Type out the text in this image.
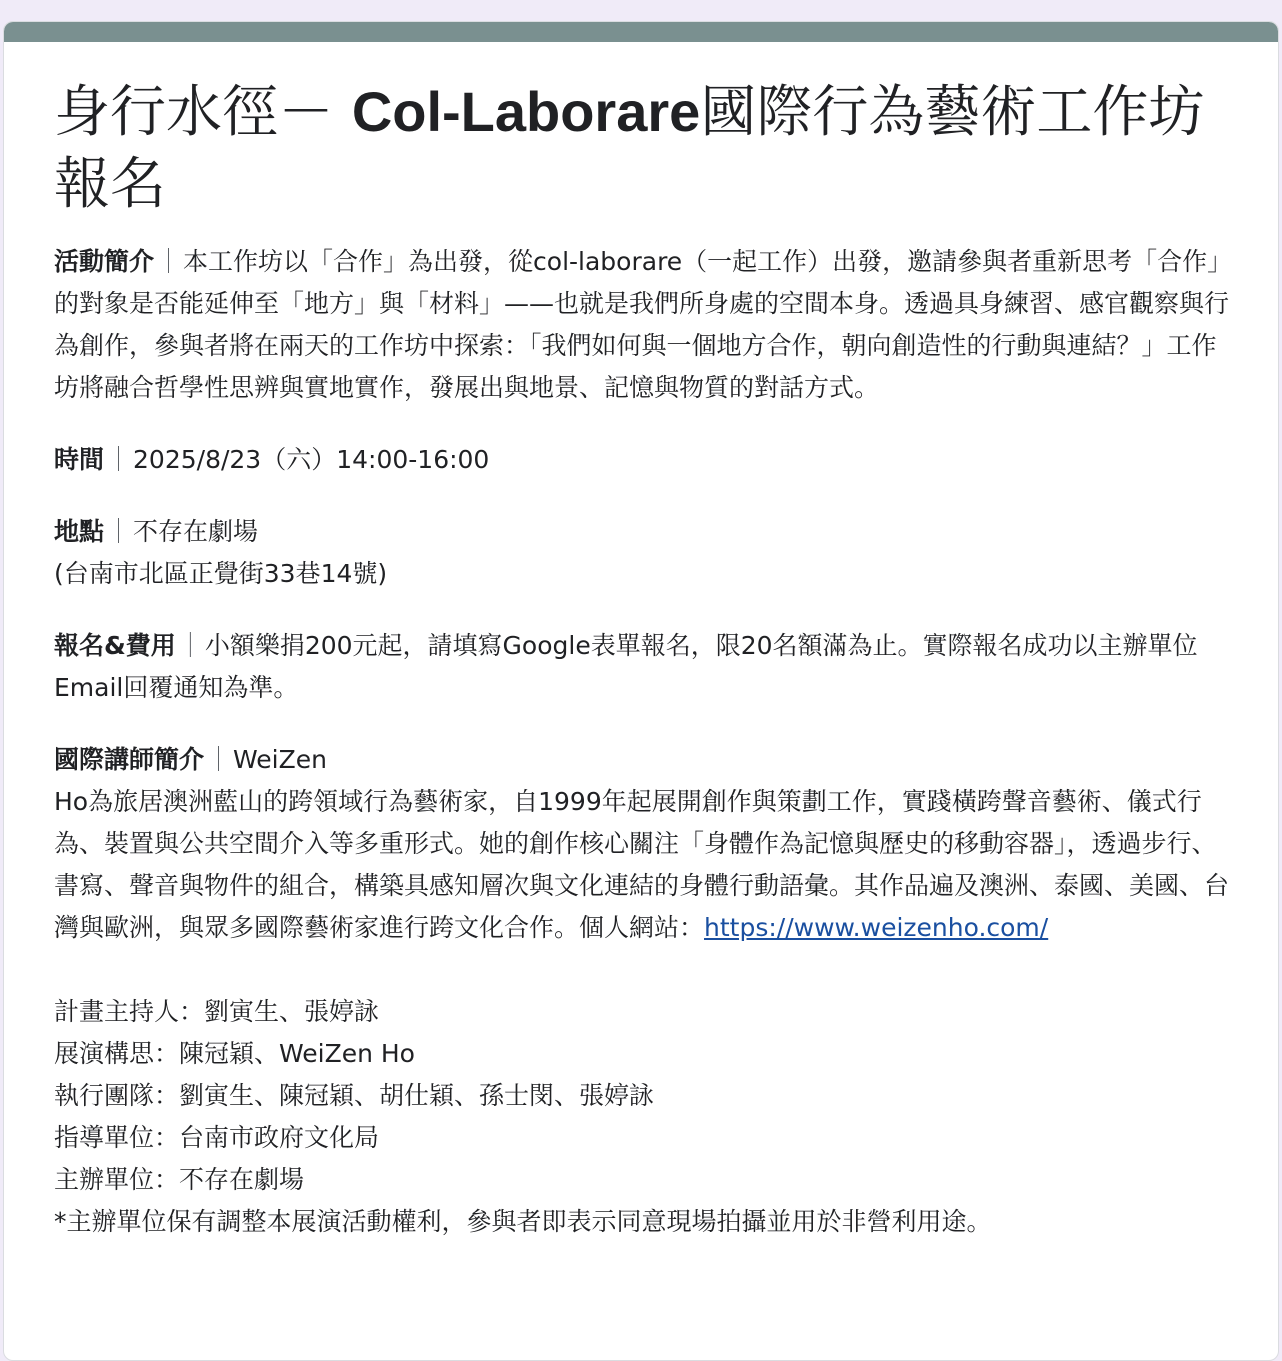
身行水徑－ Col-Laborare國際行為藝術工作坊報名

活動簡介｜本工作坊以「合作」為出發，從col-laborare（一起工作）出發，邀請參與者重新思考「合作」的對象是否能延伸至「地方」與「材料」——也就是我們所身處的空間本身。透過具身練習、感官觀察與行為創作，參與者將在兩天的工作坊中探索：「我們如何與一個地方合作，朝向創造性的行動與連結？」工作坊將融合哲學性思辨與實地實作，發展出與地景、記憶與物質的對話方式。

時間｜2025/8/23（六）14:00-16:00

地點｜不存在劇場
(台南市北區正覺街33巷14號)

報名&費用｜小額樂捐200元起，請填寫Google表單報名，限20名額滿為止。實際報名成功以主辦單位Email回覆通知為準。

國際講師簡介｜WeiZen
Ho為旅居澳洲藍山的跨領域行為藝術家，自1999年起展開創作與策劃工作，實踐橫跨聲音藝術、儀式行為、裝置與公共空間介入等多重形式。她的創作核心關注「身體作為記憶與歷史的移動容器」，透過步行、書寫、聲音與物件的組合，構築具感知層次與文化連結的身體行動語彙。其作品遍及澳洲、泰國、美國、台灣與歐洲，與眾多國際藝術家進行跨文化合作。個人網站：https://www.weizenho.com/

計畫主持人：劉寅生、張婷詠
展演構思：陳冠穎、WeiZen Ho
執行團隊：劉寅生、陳冠穎、胡仕穎、孫士閔、張婷詠
指導單位：台南市政府文化局
主辦單位：不存在劇場
*主辦單位保有調整本展演活動權利，參與者即表示同意現場拍攝並用於非營利用途。
